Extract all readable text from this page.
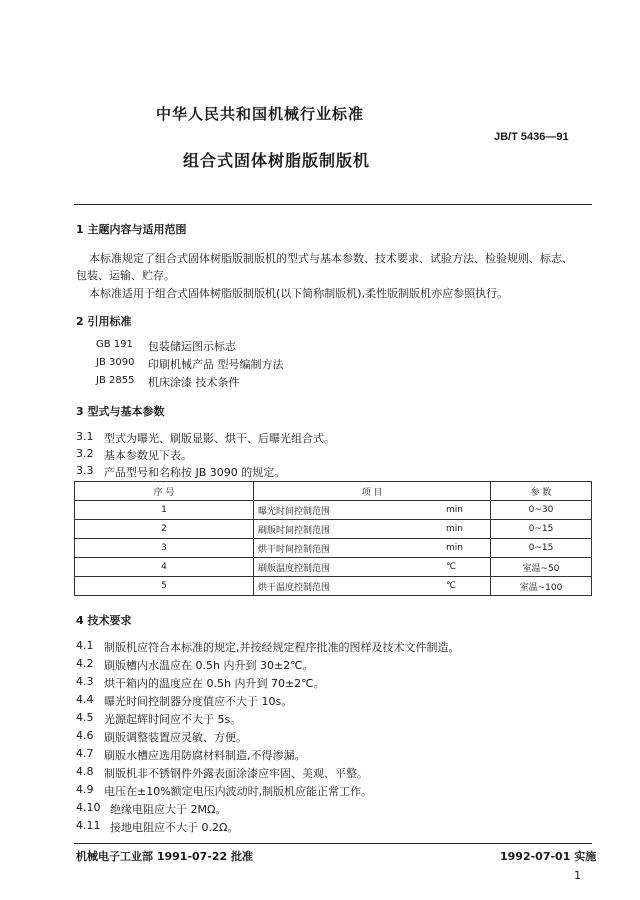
中华人民共和国机械行业标准
JB/T 5436—91
组合式固体树脂版制版机
1 主题内容与适用范围
本标准规定了组合式固体树脂版制版机的型式与基本参数、技术要求、试验方法、检验规则、标志、
包装、运输、贮存。
本标准适用于组合式固体树脂版制版机(以下简称制版机),柔性版制版机亦应参照执行。
2 引用标准
GB 191 包装储运图示标志
JB 3090 印刷机械产品 型号编制方法
JB 2855 机床涂漆 技术条件
3 型式与基本参数
3.1 型式为曝光、刷版显影、烘干、后曝光组合式。
3.2 基本参数见下表。
3.3 产品型号和名称按 JB 3090 的规定。
序 号	项 目		参 数
1	曝光时间控制范围	min	0~30
2	刷版时间控制范围	min	0~15
3	烘干时间控制范围	min	0~15
4	刷版温度控制范围	℃	室温~50
5	烘干温度控制范围	℃	室温~100
4 技术要求
4.1 制版机应符合本标准的规定,并按经规定程序批准的图样及技术文件制造。
4.2 刷版槽内水温应在 0.5h 内升到 30±2℃。
4.3 烘干箱内的温度应在 0.5h 内升到 70±2℃。
4.4 曝光时间控制器分度值应不大于 10s。
4.5 光源起辉时间应不大于 5s。
4.6 刷版调整装置应灵敏、方便。
4.7 刷版水槽应选用防腐材料制造,不得渗漏。
4.8 制版机非不锈钢件外露表面涂漆应牢固、美观、平整。
4.9 电压在±10%额定电压内波动时,制版机应能正常工作。
4.10 绝缘电阻应大于 2MΩ。
4.11 接地电阻应不大于 0.2Ω。
机械电子工业部 1991-07-22 批准	1992-07-01 实施
1
